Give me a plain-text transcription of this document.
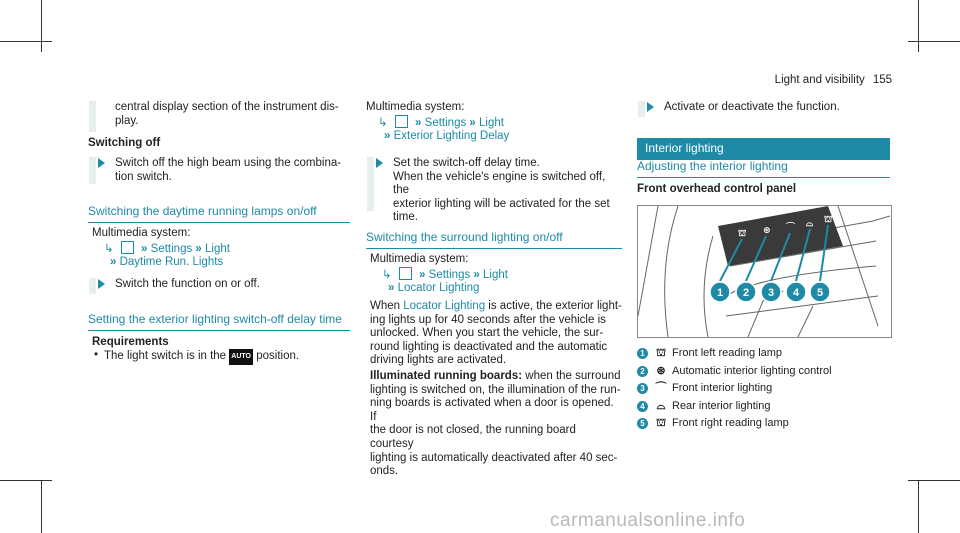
Light and visibility 155
central display section of the instrument dis-
play.
Switching off
Switch off the high beam using the combina-
tion switch.
Switching the daytime running lamps on/off
Multimedia system:
↳ » Settings » Light
» Daytime Run. Lights
Switch the function on or off.
Setting the exterior lighting switch-off delay time
Requirements
• The light switch is in the AUTO position.
Multimedia system:
↳ » Settings » Light
» Exterior Lighting Delay
Set the switch-off delay time.
When the vehicle's engine is switched off, the
exterior lighting will be activated for the set
time.
Switching the surround lighting on/off
Multimedia system:
↳ » Settings » Light
» Locator Lighting
When Locator Lighting is active, the exterior light-
ing lights up for 40 seconds after the vehicle is
unlocked. When you start the vehicle, the sur-
round lighting is deactivated and the automatic
driving lights are activated.
Illuminated running boards: when the surround
lighting is switched on, the illumination of the run-
ning boards is activated when a door is opened. If
the door is not closed, the running board courtesy
lighting is automatically deactivated after 40 sec-
onds.
Activate or deactivate the function.
Interior lighting
Adjusting the interior lighting
Front overhead control panel
⛫ ⊛ ⌒ ⌓ ⛫
1 2 3 4 5
1 ⛫ Front left reading lamp
2 ⊛ Automatic interior lighting control
3 ⌒ Front interior lighting
4 ⌓ Rear interior lighting
5 ⛫ Front right reading lamp
carmanualsonline.info
